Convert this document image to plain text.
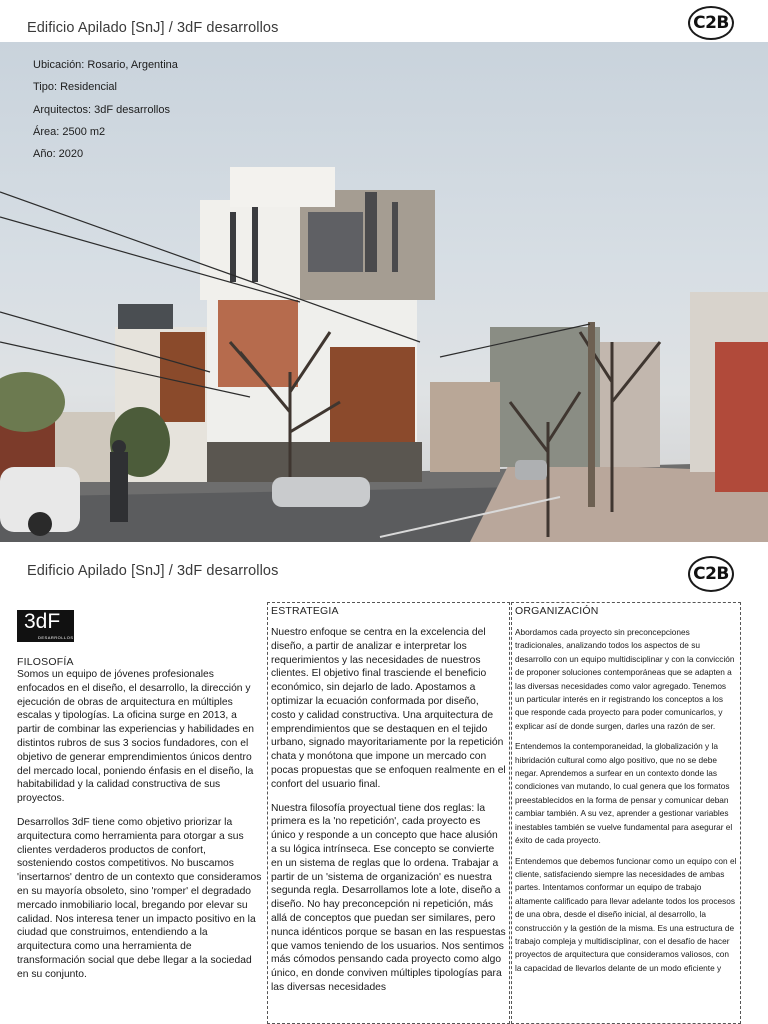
Edificio Apilado [SnJ] / 3dF desarrollos	C2B
Ubicación: Rosario, Argentina
Tipo: Residencial
Arquitectos: 3dF desarrollos
Área: 2500 m2
Año: 2020
Edificio Apilado [SnJ] / 3dF desarrollos	C2B
3dF
DESARROLLOS
FILOSOFÍA

Somos un equipo de jóvenes profesionales enfocados en el diseño, el desarrollo, la dirección y ejecución de obras de arquitectura en múltiples escalas y tipologías. La oficina surge en 2013, a partir de combinar las experiencias y habilidades en distintos rubros de sus 3 socios fundadores, con el objetivo de generar emprendimientos únicos dentro del mercado local, poniendo énfasis en el diseño, la habitabilidad y la calidad constructiva de sus proyectos.

Desarrollos 3dF tiene como objetivo priorizar la arquitectura como herramienta para otorgar a sus clientes verdaderos productos de confort, sosteniendo costos competitivos. No buscamos 'insertarnos' dentro de un contexto que consideramos en su mayoría obsoleto, sino 'romper' el degradado mercado inmobiliario local, bregando por elevar su calidad. Nos interesa tener un impacto positivo en la ciudad que construimos, entendiendo a la arquitectura como una herramienta de transformación social que debe llegar a la sociedad en su conjunto.

ESTRATEGIA

Nuestro enfoque se centra en la excelencia del diseño, a partir de analizar e interpretar los requerimientos y las necesidades de nuestros clientes. El objetivo final trasciende el beneficio económico, sin dejarlo de lado. Apostamos a optimizar la ecuación conformada por diseño, costo y calidad constructiva. Una arquitectura de emprendimientos que se destaquen en el tejido urbano, signado mayoritariamente por la repetición chata y monótona que impone un mercado con pocas propuestas que se enfoquen realmente en el confort del usuario final.

Nuestra filosofía proyectual tiene dos reglas: la primera es la 'no repetición', cada proyecto es único y responde a un concepto que hace alusión a su lógica intrínseca. Ese concepto se convierte en un sistema de reglas que lo ordena. Trabajar a partir de un 'sistema de organización' es nuestra segunda regla. Desarrollamos lote a lote, diseño a diseño. No hay preconcepción ni repetición, más allá de conceptos que puedan ser similares, pero nunca idénticos porque se basan en las respuestas que vamos teniendo de los usuarios. Nos sentimos más cómodos pensando cada proyecto como algo único, en donde conviven múltiples tipologías para las diversas necesidades

ORGANIZACIÓN

Abordamos cada proyecto sin preconcepciones tradicionales, analizando todos los aspectos de su desarrollo con un equipo multidisciplinar y con la convicción de proponer soluciones contemporáneas que se adapten a las diversas necesidades como valor agregado. Tenemos un particular interés en ir registrando los conceptos a los que responde cada proyecto para poder comunicarlos, y explicar así de donde surgen, darles una razón de ser.

Entendemos la contemporaneidad, la globalización y la hibridación cultural como algo positivo, que no se debe negar. Aprendemos a surfear en un contexto donde las condiciones van mutando, lo cual genera que los formatos preestablecidos en la forma de pensar y comunicar deban cambiar también. A su vez, aprender a gestionar variables inestables también se vuelve fundamental para asegurar el éxito de cada proyecto.

Entendemos que debemos funcionar como un equipo con el cliente, satisfaciendo siempre las necesidades de ambas partes. Intentamos conformar un equipo de trabajo altamente calificado para llevar adelante todos los procesos de una obra, desde el diseño inicial, al desarrollo, la construcción y la gestión de la misma. Es una estructura de trabajo compleja y multidisciplinar, con el desafío de hacer proyectos de arquitectura que consideramos valiosos, con la capacidad de llevarlos delante de un modo eficiente y
